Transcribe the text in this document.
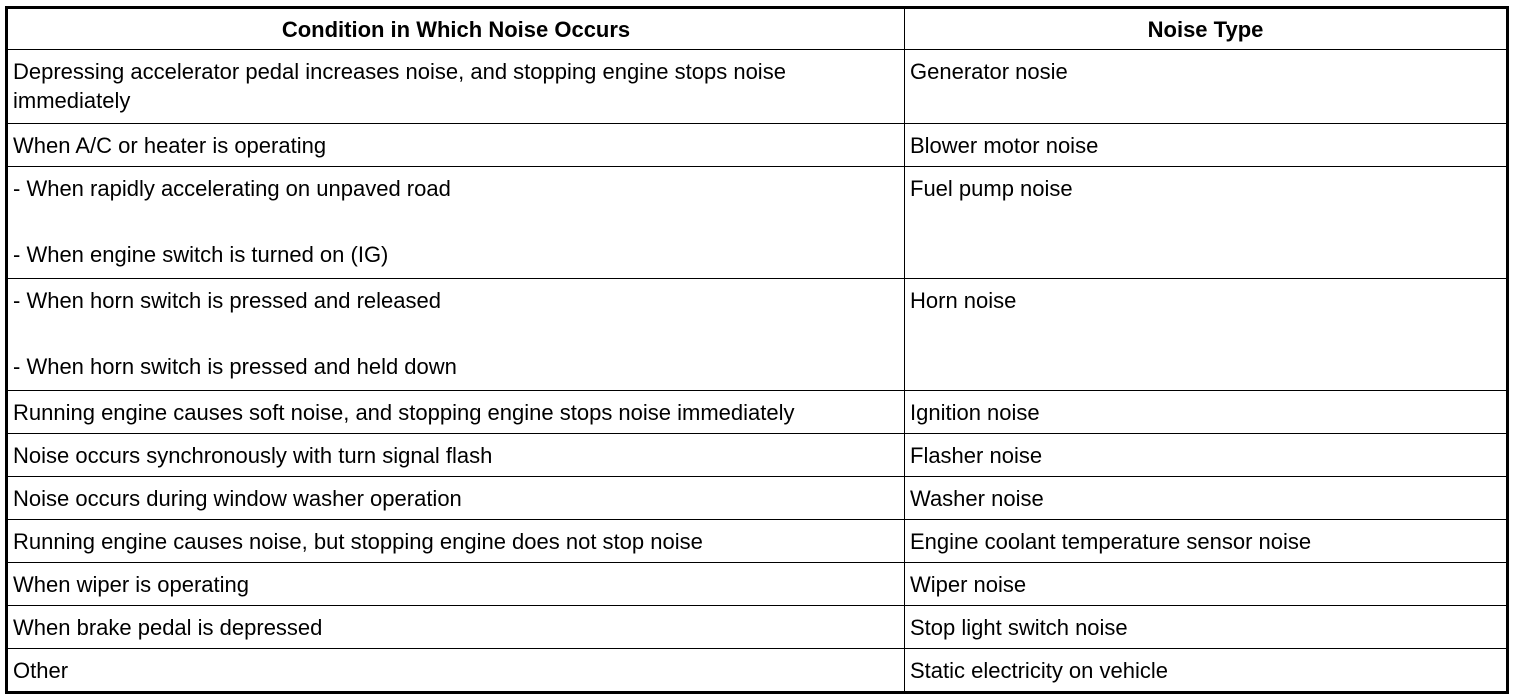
Condition in Which Noise Occurs	Noise Type

Depressing accelerator pedal increases noise, and stopping engine stops noise
immediately	Generator nosie

When A/C or heater is operating	Blower motor noise

- When rapidly accelerating on unpaved road
- When engine switch is turned on (IG)	Fuel pump noise

- When horn switch is pressed and released
- When horn switch is pressed and held down	Horn noise

Running engine causes soft noise, and stopping engine stops noise immediately	Ignition noise

Noise occurs synchronously with turn signal flash	Flasher noise

Noise occurs during window washer operation	Washer noise

Running engine causes noise, but stopping engine does not stop noise	Engine coolant temperature sensor noise

When wiper is operating	Wiper noise

When brake pedal is depressed	Stop light switch noise

Other	Static electricity on vehicle
